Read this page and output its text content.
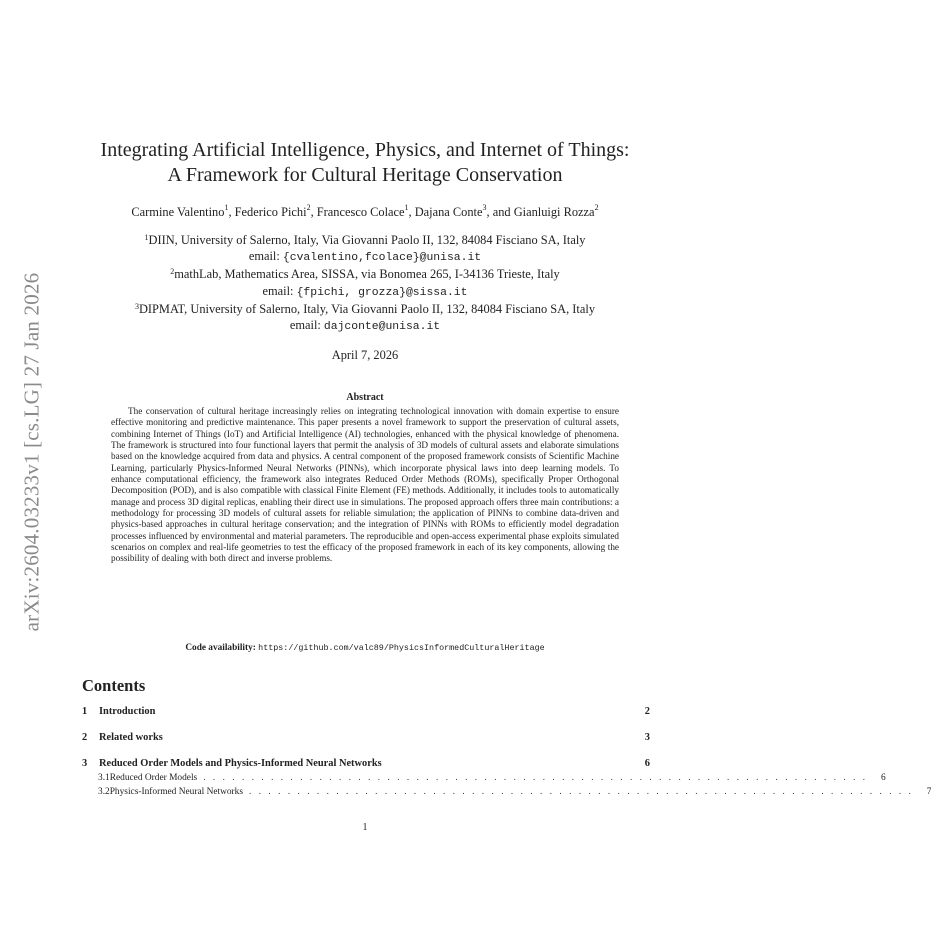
arXiv:2604.03233v1 [cs.LG] 27 Jan 2026
Integrating Artificial Intelligence, Physics, and Internet of Things:
A Framework for Cultural Heritage Conservation
Carmine Valentino$^1$, Federico Pichi$^2$, Francesco Colace$^1$, Dajana Conte$^3$, and Gianluigi Rozza$^2$
$^1$DIIN, University of Salerno, Italy, Via Giovanni Paolo II, 132, 84084 Fisciano SA, Italy
email: {cvalentino,fcolace}@unisa.it
$^2$mathLab, Mathematics Area, SISSA, via Bonomea 265, I-34136 Trieste, Italy
email: {fpichi, grozza}@sissa.it
$^3$DIPMAT, University of Salerno, Italy, Via Giovanni Paolo II, 132, 84084 Fisciano SA, Italy
email: dajconte@unisa.it
April 7, 2026
Abstract
The conservation of cultural heritage increasingly relies on integrating technological innovation with domain expertise to ensure effective monitoring and predictive maintenance. This paper presents a novel framework to support the preservation of cultural assets, combining Internet of Things (IoT) and Artificial Intelligence (AI) technologies, enhanced with the physical knowledge of phenomena. The framework is structured into four functional layers that permit the analysis of 3D models of cultural assets and elaborate simulations based on the knowledge acquired from data and physics. A central component of the proposed framework consists of Scientific Machine Learning, particularly Physics-Informed Neural Networks (PINNs), which incorporate physical laws into deep learning models. To enhance computational efficiency, the framework also integrates Reduced Order Methods (ROMs), specifically Proper Orthogonal Decomposition (POD), and is also compatible with classical Finite Element (FE) methods. Additionally, it includes tools to automatically manage and process 3D digital replicas, enabling their direct use in simulations. The proposed approach offers three main contributions: a methodology for processing 3D models of cultural assets for reliable simulation; the application of PINNs to combine data-driven and physics-based approaches in cultural heritage conservation; and the integration of PINNs with ROMs to efficiently model degradation processes influenced by environmental and material parameters. The reproducible and open-access experimental phase exploits simulated scenarios on complex and real-life geometries to test the efficacy of the proposed framework in each of its key components, allowing the possibility of dealing with both direct and inverse problems.
Code availability: https://github.com/valc89/PhysicsInformedCulturalHeritage
Contents
1	Introduction	2
2	Related works	3
3	Reduced Order Models and Physics-Informed Neural Networks	6
3.1 Reduced Order Models . . . . . . . . . . . . . . . . . . . . . . . . . . . . . . . . . . . . . . . . . . . . . . . . . . . . . . . . . . . . . . . . . . . . .	6
3.2 Physics-Informed Neural Networks . . . . . . . . . . . . . . . . . . . . . . . . . . . . . . . . . . . . . . . . . . . . . . . . . . . . . . . . . . . . . . . . . . . . .	7
1
